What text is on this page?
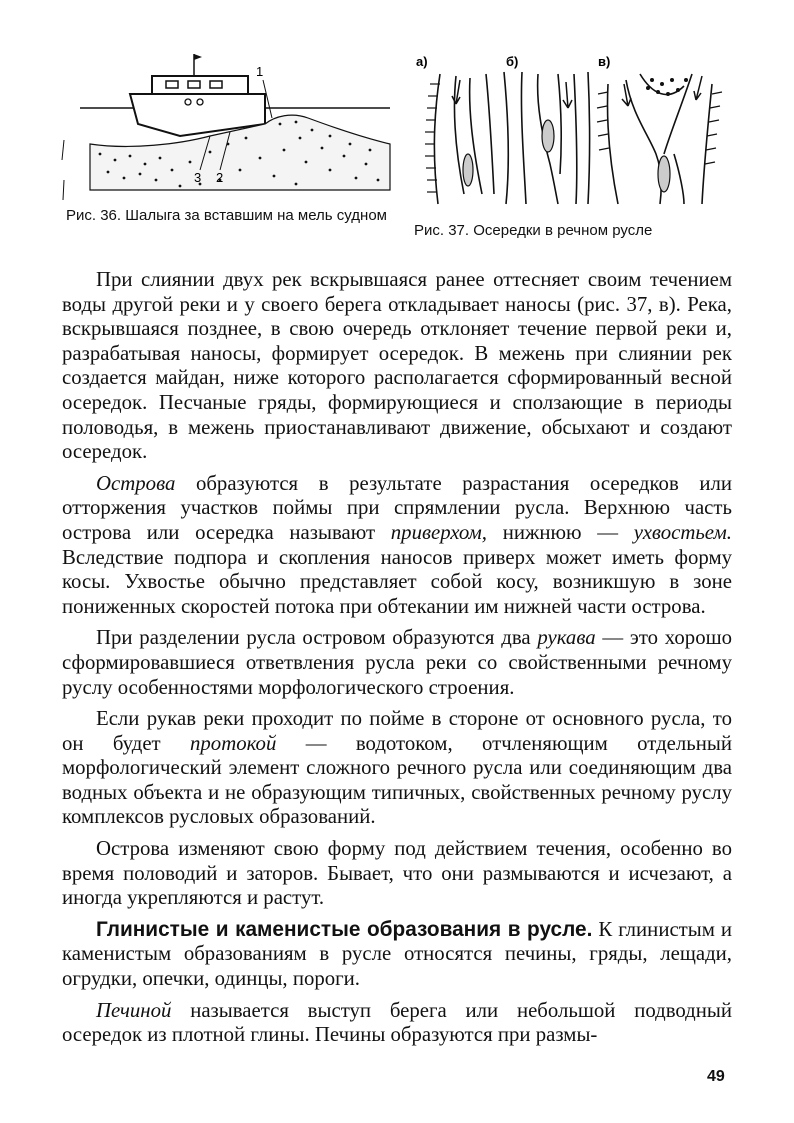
1
2
3
Рис. 36. Шалыга за вставшим на мель судном
а)	б)	в)
Рис. 37. Осередки в речном русле

При слиянии двух рек вскрывшаяся ранее оттесняет своим течением воды другой реки и у своего берега откладывает наносы (рис. 37, в). Река, вскрывшаяся позднее, в свою очередь отклоняет течение первой реки и, разрабатывая наносы, формирует осередок. В межень при слиянии рек создается майдан, ниже которого располагается сформированный весной осередок. Песчаные гряды, формирующиеся и сползающие в периоды половодья, в межень приостанавливают движение, обсыхают и создают осередок.

Острова образуются в результате разрастания осередков или отторжения участков поймы при спрямлении русла. Верхнюю часть острова или осередка называют приверхом, нижнюю — ухвостьем. Вследствие подпора и скопления наносов приверх может иметь форму косы. Ухвостье обычно представляет собой косу, возникшую в зоне пониженных скоростей потока при обтекании им нижней части острова.

При разделении русла островом образуются два рукава — это хорошо сформировавшиеся ответвления русла реки со свойственными речному руслу особенностями морфологического строения.

Если рукав реки проходит по пойме в стороне от основного русла, то он будет протокой — водотоком, отчленяющим отдельный морфологический элемент сложного речного русла или соединяющим два водных объекта и не образующим типичных, свойственных речному руслу комплексов русловых образований.

Острова изменяют свою форму под действием течения, особенно во время половодий и заторов. Бывает, что они размываются и исчезают, а иногда укрепляются и растут.

Глинистые и каменистые образования в русле. К глинистым и каменистым образованиям в русле относятся печины, гряды, лещади, огрудки, опечки, одинцы, пороги.

Печиной называется выступ берега или небольшой подводный осередок из плотной глины. Печины образуются при размы-

49
